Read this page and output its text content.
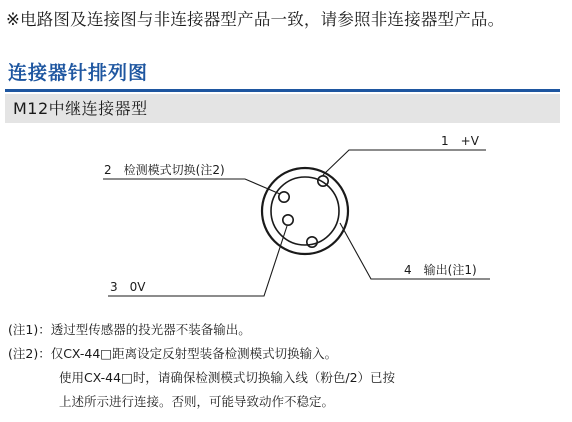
※电路图及连接图与非连接器型产品一致，请参照非连接器型产品。
连接器针排列图
M12中继连接器型
1　+V
2　检测模式切换(注2)
3　0V
4　输出(注1)
(注1)：透过型传感器的投光器不装备输出。
(注2)：仅CX-44□距离设定反射型装备检测模式切换输入。
使用CX-44□时，请确保检测模式切换输入线（粉色/2）已按
上述所示进行连接。否则，可能导致动作不稳定。
